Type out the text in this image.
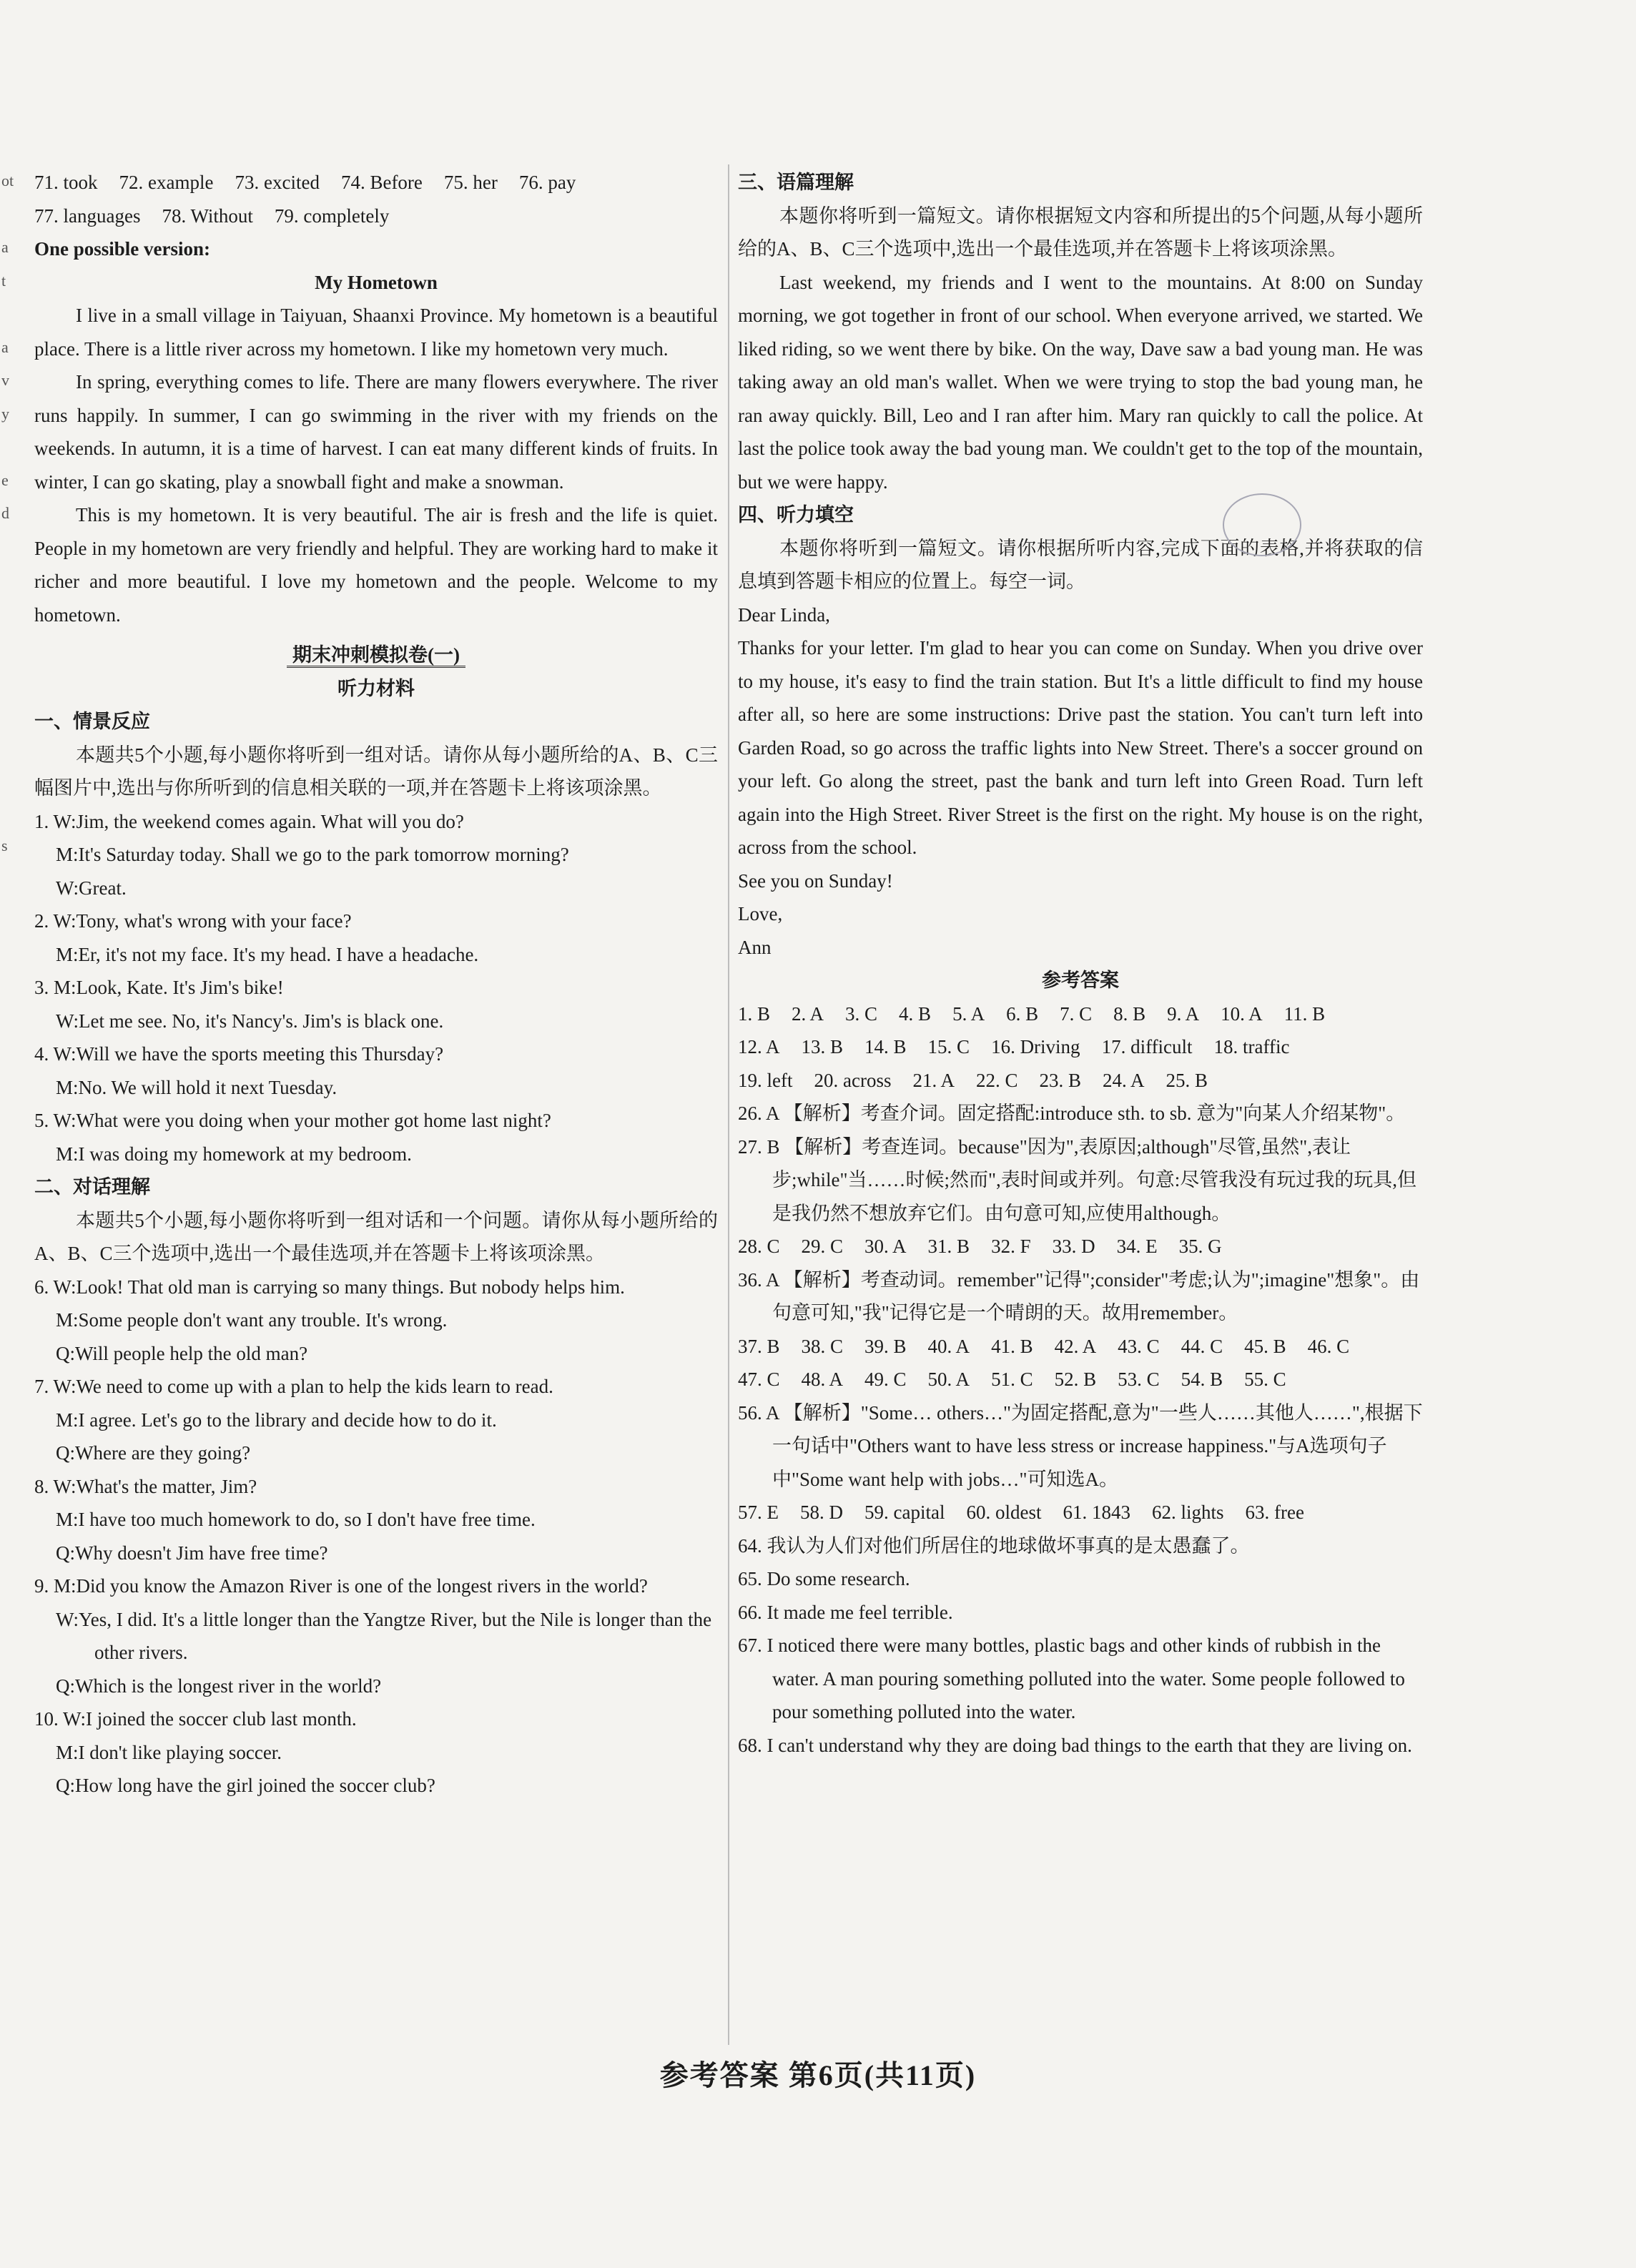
ot

a
t

a
v
y

e
d

s

71. took 72. example 73. excited 74. Before 75. her 76. pay

77. languages 78. Without 79. completely

One possible version:

My Hometown

I live in a small village in Taiyuan, Shaanxi Province. My hometown is a beautiful place. There is a little river across my hometown. I like my hometown very much.

In spring, everything comes to life. There are many flowers everywhere. The river runs happily. In summer, I can go swimming in the river with my friends on the weekends. In autumn, it is a time of harvest. I can eat many different kinds of fruits. In winter, I can go skating, play a snowball fight and make a snowman.

This is my hometown. It is very beautiful. The air is fresh and the life is quiet. People in my hometown are very friendly and helpful. They are working hard to make it richer and more beautiful. I love my hometown and the people. Welcome to my hometown.

期末冲刺模拟卷(一)

听力材料

一、情景反应

本题共5个小题,每小题你将听到一组对话。请你从每小题所给的A、B、C三幅图片中,选出与你所听到的信息相关联的一项,并在答题卡上将该项涂黑。

1. W:Jim, the weekend comes again. What will you do?

M:It's Saturday today. Shall we go to the park tomorrow morning?

W:Great.

2. W:Tony, what's wrong with your face?

M:Er, it's not my face. It's my head. I have a headache.

3. M:Look, Kate. It's Jim's bike!

W:Let me see. No, it's Nancy's. Jim's is black one.

4. W:Will we have the sports meeting this Thursday?

M:No. We will hold it next Tuesday.

5. W:What were you doing when your mother got home last night?

M:I was doing my homework at my bedroom.

二、对话理解

本题共5个小题,每小题你将听到一组对话和一个问题。请你从每小题所给的A、B、C三个选项中,选出一个最佳选项,并在答题卡上将该项涂黑。

6. W:Look! That old man is carrying so many things. But nobody helps him.

M:Some people don't want any trouble. It's wrong.

Q:Will people help the old man?

7. W:We need to come up with a plan to help the kids learn to read.

M:I agree. Let's go to the library and decide how to do it.

Q:Where are they going?

8. W:What's the matter, Jim?

M:I have too much homework to do, so I don't have free time.

Q:Why doesn't Jim have free time?

9. M:Did you know the Amazon River is one of the longest rivers in the world?

W:Yes, I did. It's a little longer than the Yangtze River, but the Nile is longer than the other rivers.

Q:Which is the longest river in the world?

10. W:I joined the soccer club last month.

M:I don't like playing soccer.

Q:How long have the girl joined the soccer club?

三、语篇理解

本题你将听到一篇短文。请你根据短文内容和所提出的5个问题,从每小题所给的A、B、C三个选项中,选出一个最佳选项,并在答题卡上将该项涂黑。

Last weekend, my friends and I went to the mountains. At 8:00 on Sunday morning, we got together in front of our school. When everyone arrived, we started. We liked riding, so we went there by bike. On the way, Dave saw a bad young man. He was taking away an old man's wallet. When we were trying to stop the bad young man, he ran away quickly. Bill, Leo and I ran after him. Mary ran quickly to call the police. At last the police took away the bad young man. We couldn't get to the top of the mountain, but we were happy.

四、听力填空

本题你将听到一篇短文。请你根据所听内容,完成下面的表格,并将获取的信息填到答题卡相应的位置上。每空一词。

Dear Linda,

Thanks for your letter. I'm glad to hear you can come on Sunday. When you drive over to my house, it's easy to find the train station. But It's a little difficult to find my house after all, so here are some instructions: Drive past the station. You can't turn left into Garden Road, so go across the traffic lights into New Street. There's a soccer ground on your left. Go along the street, past the bank and turn left into Green Road. Turn left again into the High Street. River Street is the first on the right. My house is on the right, across from the school.

See you on Sunday!

Love,

Ann

参考答案

1. B 2. A 3. C 4. B 5. A 6. B 7. C 8. B 9. A 10. A 11. B

12. A 13. B 14. B 15. C 16. Driving 17. difficult 18. traffic

19. left 20. across 21. A 22. C 23. B 24. A 25. B

26. A 【解析】考查介词。固定搭配:introduce sth. to sb. 意为"向某人介绍某物"。

27. B 【解析】考查连词。because"因为",表原因;although"尽管,虽然",表让步;while"当……时候;然而",表时间或并列。句意:尽管我没有玩过我的玩具,但是我仍然不想放弃它们。由句意可知,应使用although。

28. C 29. C 30. A 31. B 32. F 33. D 34. E 35. G

36. A 【解析】考查动词。remember"记得";consider"考虑;认为";imagine"想象"。由句意可知,"我"记得它是一个晴朗的天。故用remember。

37. B 38. C 39. B 40. A 41. B 42. A 43. C 44. C 45. B 46. C

47. C 48. A 49. C 50. A 51. C 52. B 53. C 54. B 55. C

56. A 【解析】"Some… others…"为固定搭配,意为"一些人……其他人……",根据下一句话中"Others want to have less stress or increase happiness."与A选项句子中"Some want help with jobs…"可知选A。

57. E 58. D 59. capital 60. oldest 61. 1843 62. lights 63. free

64. 我认为人们对他们所居住的地球做坏事真的是太愚蠢了。

65. Do some research.

66. It made me feel terrible.

67. I noticed there were many bottles, plastic bags and other kinds of rubbish in the water. A man pouring something polluted into the water. Some people followed to pour something polluted into the water.

68. I can't understand why they are doing bad things to the earth that they are living on.

参考答案 第6页(共11页)
